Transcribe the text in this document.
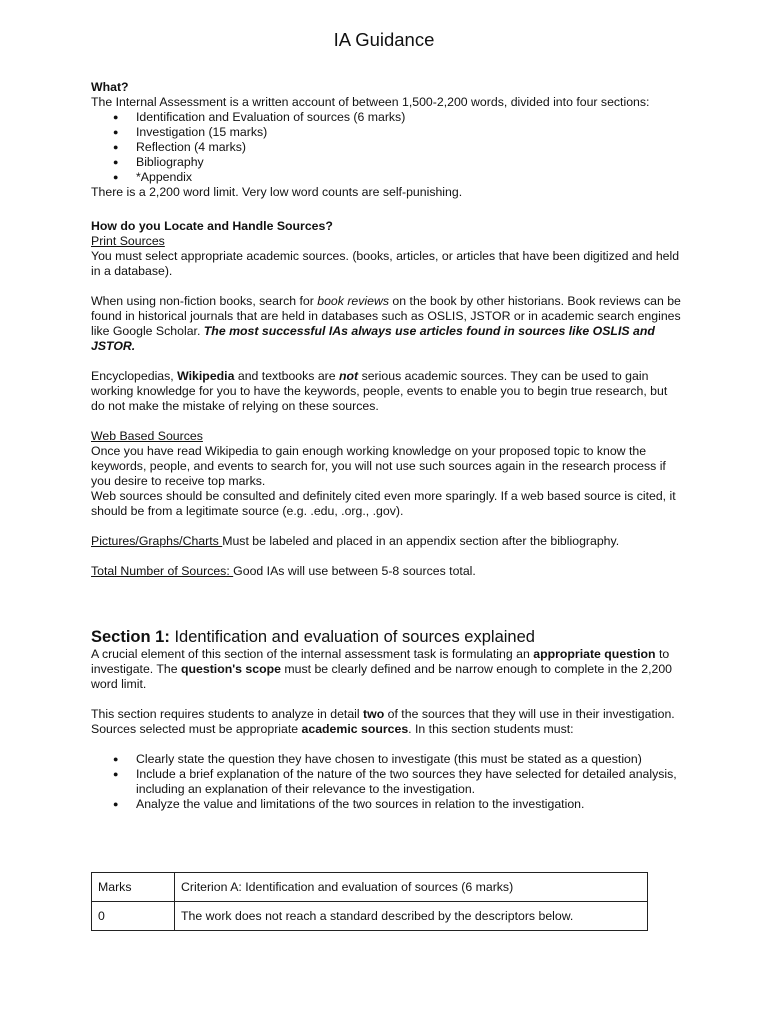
IA Guidance

What?

The Internal Assessment is a written account of between 1,500-2,200 words, divided into four sections:

● Identification and Evaluation of sources (6 marks)
● Investigation (15 marks)
● Reflection (4 marks)
● Bibliography
● *Appendix

There is a 2,200 word limit. Very low word counts are self-punishing.

How do you Locate and Handle Sources?

Print Sources

You must select appropriate academic sources. (books, articles, or articles that have been digitized and held in a database).

When using non-fiction books, search for book reviews on the book by other historians. Book reviews can be found in historical journals that are held in databases such as OSLIS, JSTOR or in academic search engines like Google Scholar. The most successful IAs always use articles found in sources like OSLIS and JSTOR.

Encyclopedias, Wikipedia and textbooks are not serious academic sources. They can be used to gain working knowledge for you to have the keywords, people, events to enable you to begin true research, but do not make the mistake of relying on these sources.

Web Based Sources

Once you have read Wikipedia to gain enough working knowledge on your proposed topic to know the keywords, people, and events to search for, you will not use such sources again in the research process if you desire to receive top marks.

Web sources should be consulted and definitely cited even more sparingly. If a web based source is cited, it should be from a legitimate source (e.g. .edu, .org., .gov).

Pictures/Graphs/Charts Must be labeled and placed in an appendix section after the bibliography.

Total Number of Sources: Good IAs will use between 5-8 sources total.

Section 1: Identification and evaluation of sources explained

A crucial element of this section of the internal assessment task is formulating an appropriate question to investigate. The question's scope must be clearly defined and be narrow enough to complete in the 2,200 word limit.

This section requires students to analyze in detail two of the sources that they will use in their investigation. Sources selected must be appropriate academic sources. In this section students must:

● Clearly state the question they have chosen to investigate (this must be stated as a question)
● Include a brief explanation of the nature of the two sources they have selected for detailed analysis, including an explanation of their relevance to the investigation.
● Analyze the value and limitations of the two sources in relation to the investigation.
Marks	Criterion A: Identification and evaluation of sources (6 marks)
0	The work does not reach a standard described by the descriptors below.
